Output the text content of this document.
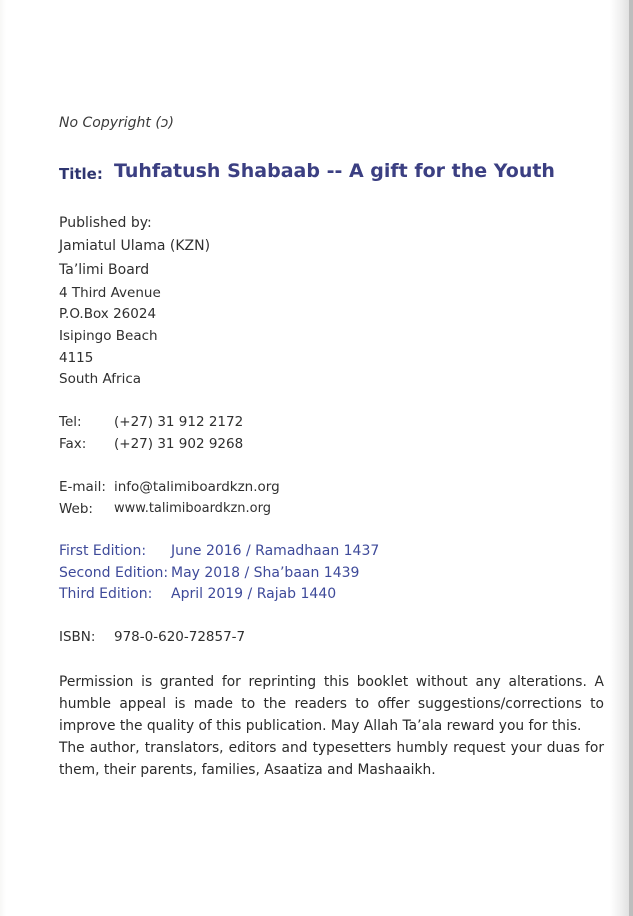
No Copyright (ɔ)
Title: Tuhfatush Shabaab -- A gift for the Youth
Published by:
Jamiatul Ulama (KZN)
Ta’limi Board
4 Third Avenue
P.O.Box 26024
Isipingo Beach
4115
South Africa
Tel: (+27) 31 912 2172
Fax: (+27) 31 902 9268
E-mail: info@talimiboardkzn.org
Web: www.talimiboardkzn.org
First Edition: June 2016 / Ramadhaan 1437
Second Edition: May 2018 / Sha’baan 1439
Third Edition: April 2019 / Rajab 1440
ISBN: 978-0-620-72857-7

Permission is granted for reprinting this booklet without any alterations. A humble appeal is made to the readers to offer suggestions/corrections to improve the quality of this publication. May Allah Ta’ala reward you for this.

The author, translators, editors and typesetters humbly request your duas for them, their parents, families, Asaatiza and Mashaaikh.
